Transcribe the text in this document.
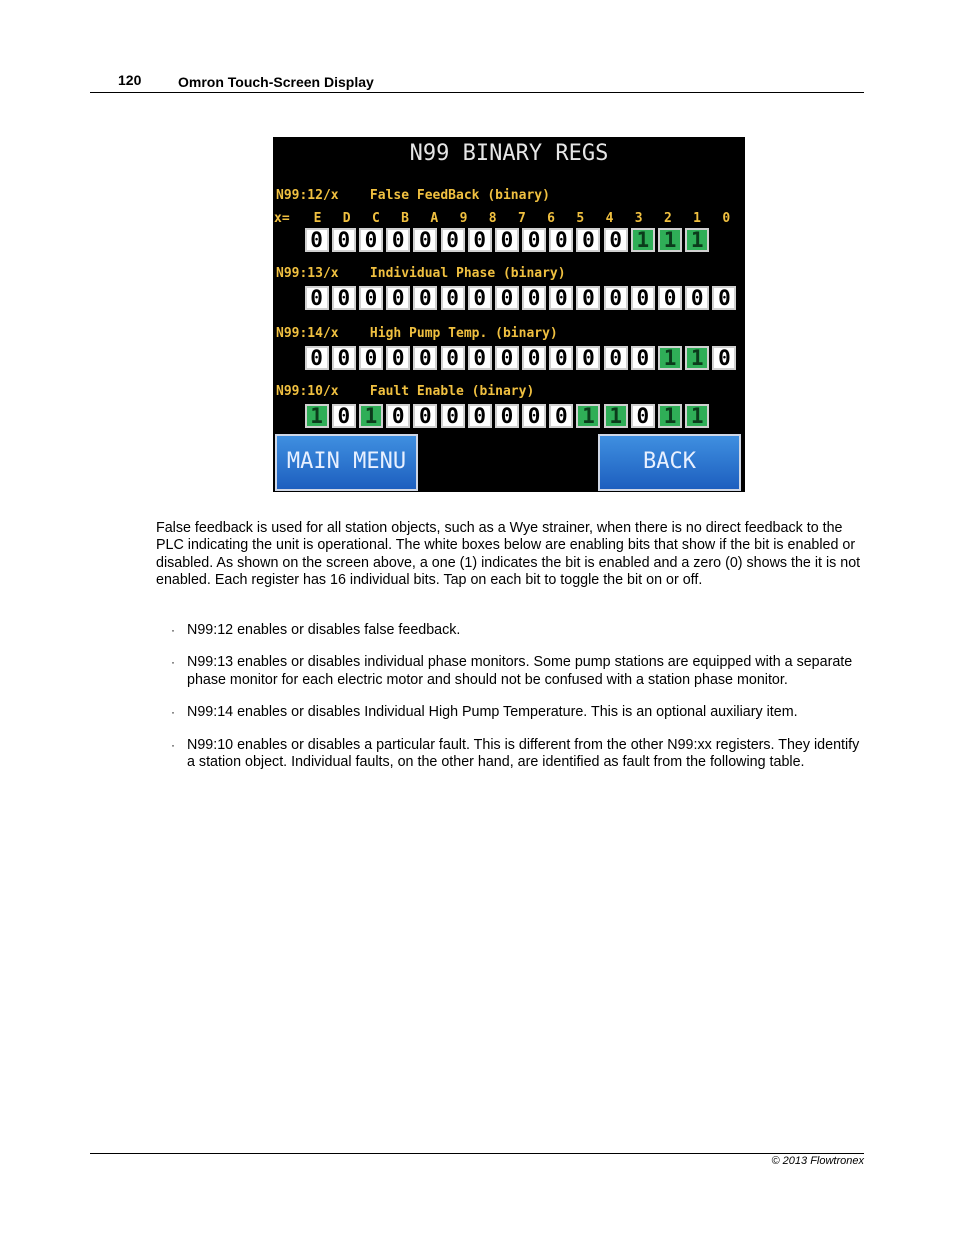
120	Omron Touch-Screen Display
N99 BINARY REGS
N99:12/x    False FeedBack (binary)
x=	E	D	C	B	A	9	8	7	6	5	4	3	2	1	0
0 0 0 0 0 0 0 0 0 0 0 0 1 1 1
N99:13/x    Individual Phase (binary)
0 0 0 0 0 0 0 0 0 0 0 0 0 0 0 0
N99:14/x    High Pump Temp. (binary)
0 0 0 0 0 0 0 0 0 0 0 0 0 1 1 0
N99:10/x    Fault Enable (binary)
1 0 1 0 0 0 0 0 0 0 1 1 0 1 1
MAIN MENU	BACK
False feedback is used for all station objects, such as a Wye strainer, when there is no direct feedback to the PLC indicating the unit is operational. The white boxes below are enabling bits that show if the bit is enabled or disabled. As shown on the screen above, a one (1) indicates the bit is enabled and a zero (0) shows the it is not enabled. Each register has 16 individual bits. Tap on each bit to toggle the bit on or off.
· N99:12 enables or disables false feedback.
· N99:13 enables or disables individual phase monitors. Some pump stations are equipped with a separate phase monitor for each electric motor and should not be confused with a station phase monitor.
· N99:14 enables or disables Individual High Pump Temperature. This is an optional auxiliary item.
· N99:10 enables or disables a particular fault. This is different from the other N99:xx registers. They identify a station object. Individual faults, on the other hand, are identified as fault from the following table.
© 2013 Flowtronex
